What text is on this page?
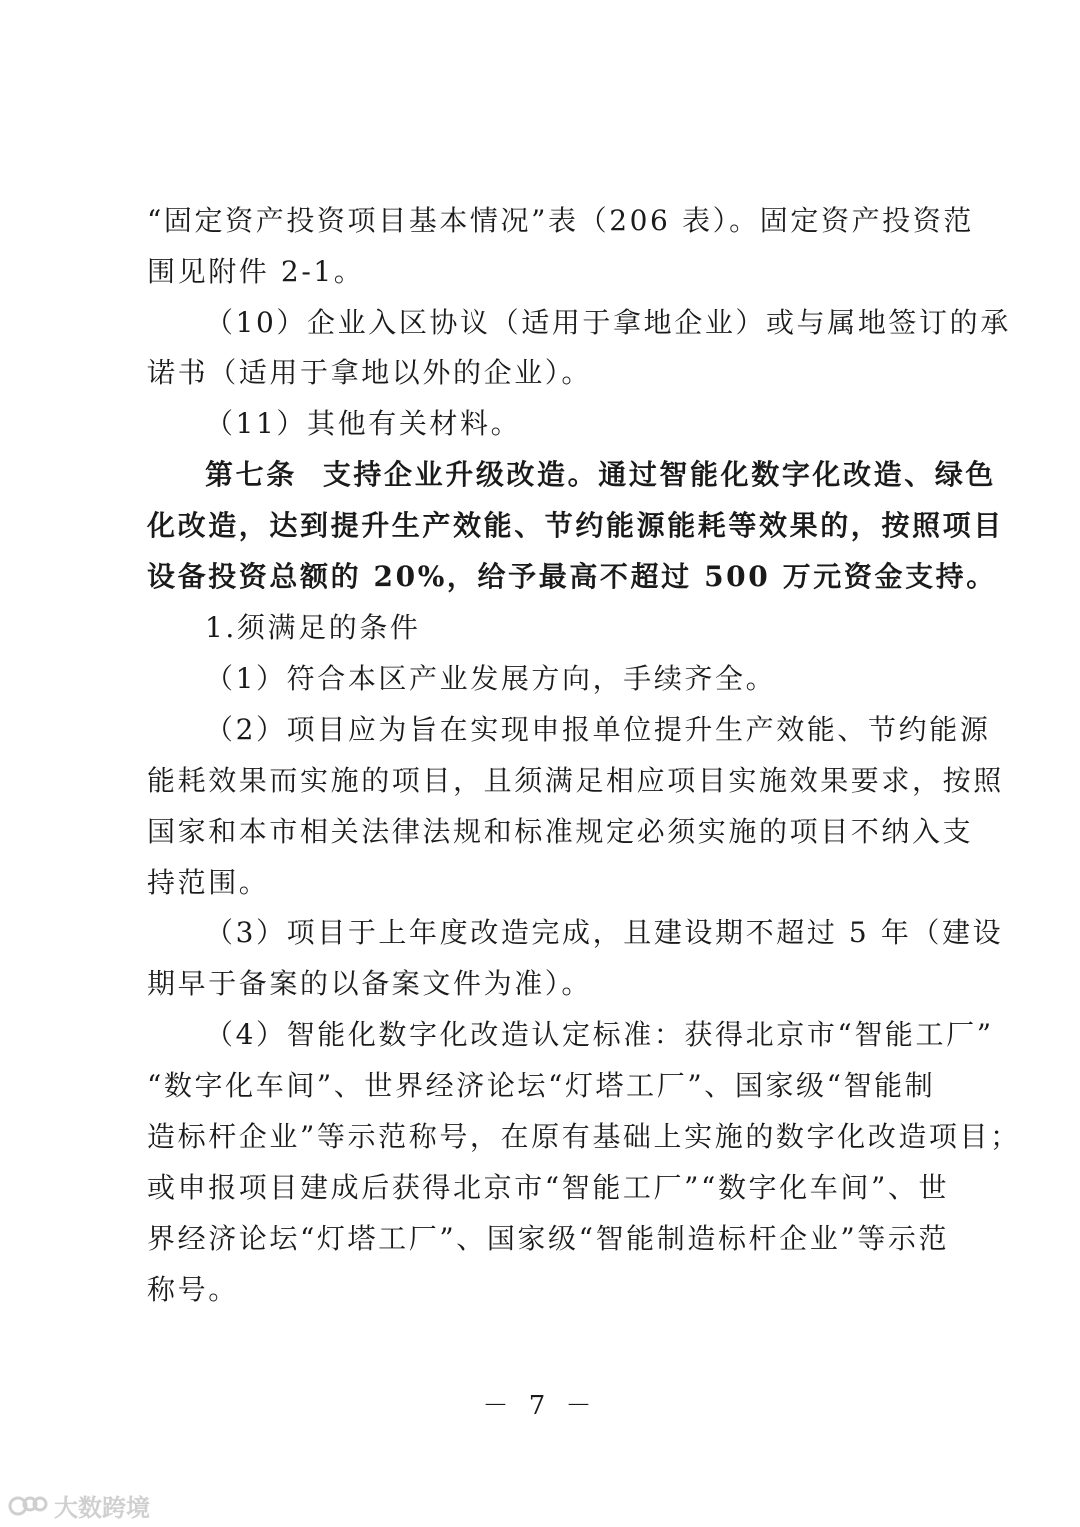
“固定资产投资项目基本情况”表（206 表）。固定资产投资范
围见附件 2-1。
（10）企业入区协议（适用于拿地企业）或与属地签订的承
诺书（适用于拿地以外的企业）。
（11）其他有关材料。
第七条 支持企业升级改造。通过智能化数字化改造、绿色
化改造，达到提升生产效能、节约能源能耗等效果的，按照项目
设备投资总额的 20%，给予最高不超过 500 万元资金支持。
1.须满足的条件
（1）符合本区产业发展方向，手续齐全。
（2）项目应为旨在实现申报单位提升生产效能、节约能源
能耗效果而实施的项目，且须满足相应项目实施效果要求，按照
国家和本市相关法律法规和标准规定必须实施的项目不纳入支
持范围。
（3）项目于上年度改造完成，且建设期不超过 5 年（建设
期早于备案的以备案文件为准）。
（4）智能化数字化改造认定标准：获得北京市“智能工厂”
“数字化车间”、世界经济论坛“灯塔工厂”、国家级“智能制
造标杆企业”等示范称号，在原有基础上实施的数字化改造项目；
或申报项目建成后获得北京市“智能工厂”“数字化车间”、世
界经济论坛“灯塔工厂”、国家级“智能制造标杆企业”等示范
称号。
－ 7 －
大数跨境
